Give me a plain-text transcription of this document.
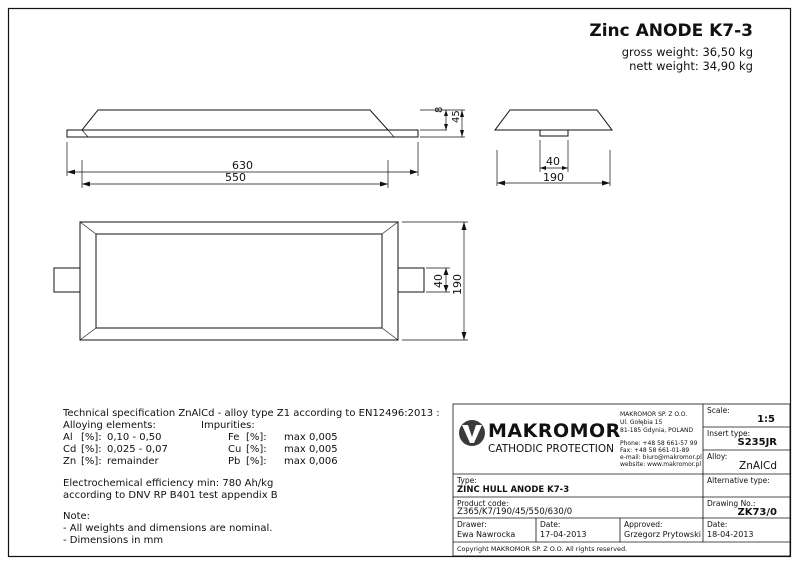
Zinc ANODE K7-3
gross weight: 36,50 kg
nett weight: 34,90 kg
630
550
8
45
40
190
40 190
Technical specification ZnAlCd - alloy type Z1 according to EN12496:2013 :
Alloying elements:	Impurities:
Al [%]: 0,10 - 0,50
Cd [%]: 0,025 - 0,07
Zn [%]: remainder
Fe [%]: max 0,005
Cu [%]: max 0,005
Pb [%]: max 0,006
Electrochemical efficiency min: 780 Ah/kg
according to DNV RP B401 test appendix B
Note:
- All weights and dimensions are nominal.
- Dimensions in mm
MAKROMOR
CATHODIC PROTECTION
MAKROMOR SP. Z O.O.
Ul. Gołębia 15
81-185 Gdynia, POLAND
Phone: +48 58 661-57 99
Fax: +48 58 661-01-89
e-mail: biuro@makromor.pl
website: www.makromor.pl
Scale:
1:5
Insert type:
S235JR
Alloy:
ZnAlCd
Alternative type:
Drawing No.:
ZK73/0
Type:
ZINC HULL ANODE K7-3
Product code:
Z365/K7/190/45/550/630/0
Drawer:
Ewa Nawrocka
Date:
17-04-2013
Approved:
Grzegorz Prytowski
Date:
18-04-2013
Copyright MAKROMOR SP. Z O.O. All rights reserved.
